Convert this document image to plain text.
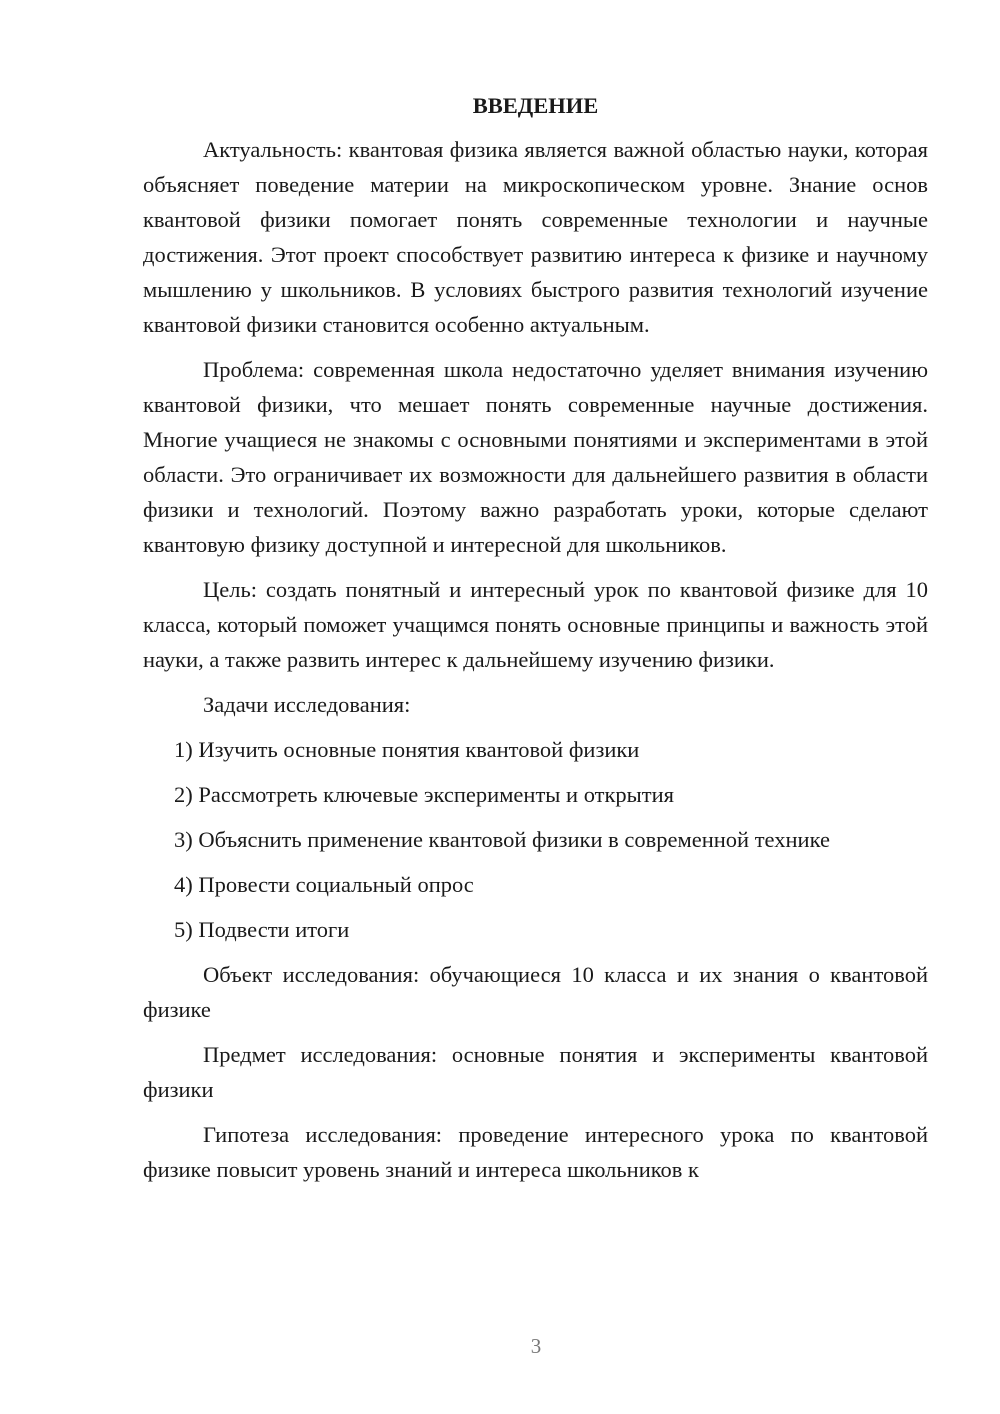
ВВЕДЕНИЕ

Актуальность: квантовая физика является важной областью науки, которая объясняет поведение материи на микроскопическом уровне. Знание основ квантовой физики помогает понять современные технологии и научные достижения. Этот проект способствует развитию интереса к физике и научному мышлению у школьников. В условиях быстрого развития технологий изучение квантовой физики становится особенно актуальным.

Проблема: современная школа недостаточно уделяет внимания изучению квантовой физики, что мешает понять современные научные достижения. Многие учащиеся не знакомы с основными понятиями и экспериментами в этой области. Это ограничивает их возможности для дальнейшего развития в области физики и технологий. Поэтому важно разработать уроки, которые сделают квантовую физику доступной и интересной для школьников.

Цель: создать понятный и интересный урок по квантовой физике для 10 класса, который поможет учащимся понять основные принципы и важность этой науки, а также развить интерес к дальнейшему изучению физики.

Задачи исследования:

1) Изучить основные понятия квантовой физики
2) Рассмотреть ключевые эксперименты и открытия
3) Объяснить применение квантовой физики в современной технике
4) Провести социальный опрос
5) Подвести итоги

Объект исследования: обучающиеся 10 класса и их знания о квантовой физике

Предмет исследования: основные понятия и эксперименты квантовой физики

Гипотеза исследования: проведение интересного урока по квантовой физике повысит уровень знаний и интереса школьников к

3
